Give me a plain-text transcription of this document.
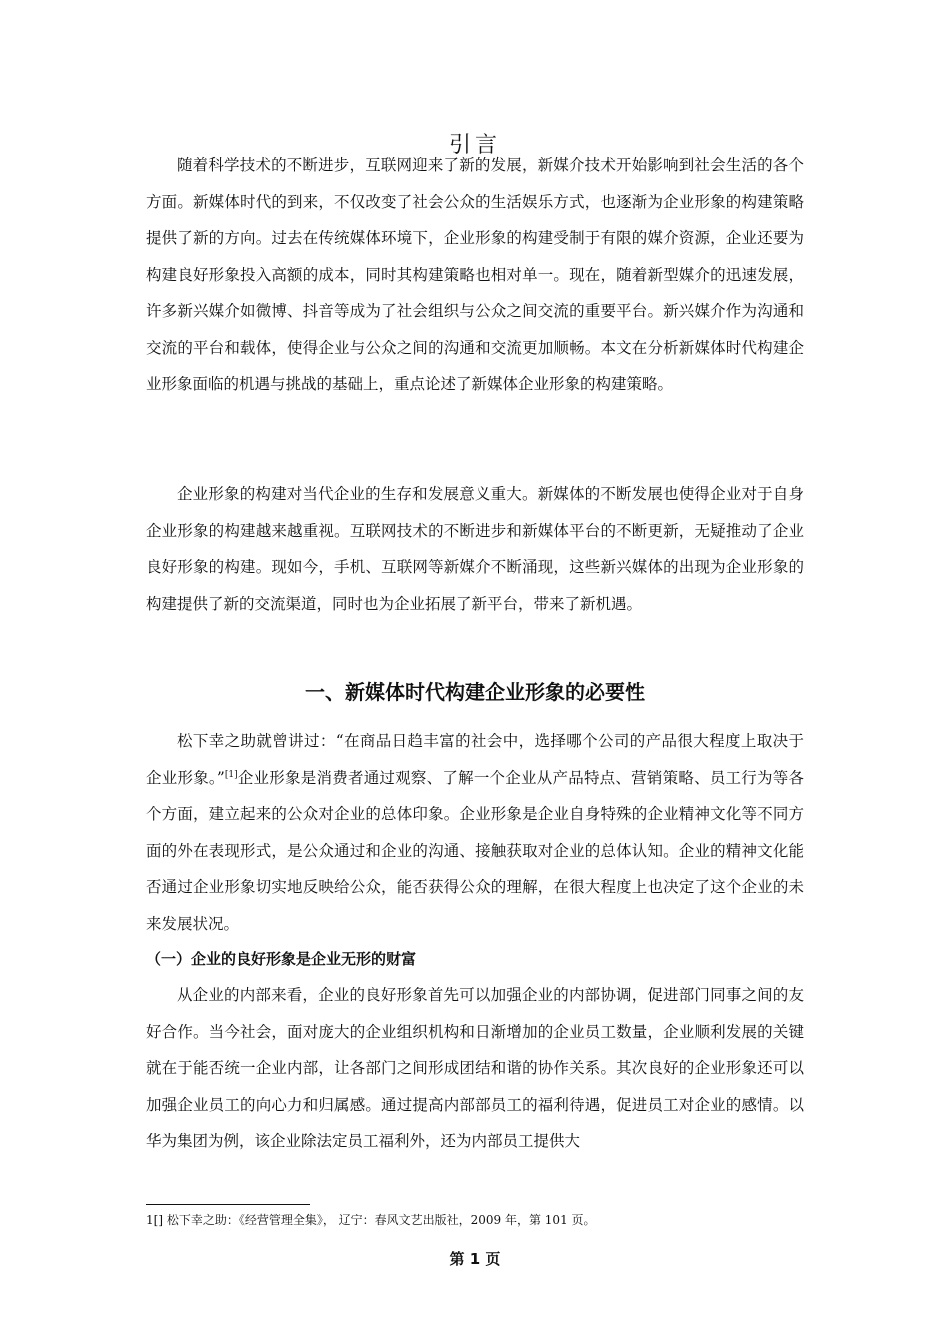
引言

随着科学技术的不断进步，互联网迎来了新的发展，新媒介技术开始影响到社会生活的各个方面。新媒体时代的到来，不仅改变了社会公众的生活娱乐方式，也逐渐为企业形象的构建策略提供了新的方向。过去在传统媒体环境下，企业形象的构建受制于有限的媒介资源，企业还要为构建良好形象投入高额的成本，同时其构建策略也相对单一。现在，随着新型媒介的迅速发展，许多新兴媒介如微博、抖音等成为了社会组织与公众之间交流的重要平台。新兴媒介作为沟通和交流的平台和载体，使得企业与公众之间的沟通和交流更加顺畅。本文在分析新媒体时代构建企业形象面临的机遇与挑战的基础上，重点论述了新媒体企业形象的构建策略。

企业形象的构建对当代企业的生存和发展意义重大。新媒体的不断发展也使得企业对于自身企业形象的构建越来越重视。互联网技术的不断进步和新媒体平台的不断更新，无疑推动了企业良好形象的构建。现如今，手机、互联网等新媒介不断涌现，这些新兴媒体的出现为企业形象的构建提供了新的交流渠道，同时也为企业拓展了新平台，带来了新机遇。

一、新媒体时代构建企业形象的必要性

松下幸之助就曾讲过：“在商品日趋丰富的社会中，选择哪个公司的产品很大程度上取决于企业形象。”[1]企业形象是消费者通过观察、了解一个企业从产品特点、营销策略、员工行为等各个方面，建立起来的公众对企业的总体印象。企业形象是企业自身特殊的企业精神文化等不同方面的外在表现形式，是公众通过和企业的沟通、接触获取对企业的总体认知。企业的精神文化能否通过企业形象切实地反映给公众，能否获得公众的理解，在很大程度上也决定了这个企业的未来发展状况。

（一）企业的良好形象是企业无形的财富

从企业的内部来看，企业的良好形象首先可以加强企业的内部协调，促进部门同事之间的友好合作。当今社会，面对庞大的企业组织机构和日渐增加的企业员工数量，企业顺利发展的关键就在于能否统一企业内部，让各部门之间形成团结和谐的协作关系。其次良好的企业形象还可以加强企业员工的向心力和归属感。通过提高内部部员工的福利待遇，促进员工对企业的感情。以华为集团为例，该企业除法定员工福利外，还为内部员工提供大

1[] 松下幸之助：《经营管理全集》， 辽宁：春风文艺出版社，2009 年，第 101 页。
第 1 页
